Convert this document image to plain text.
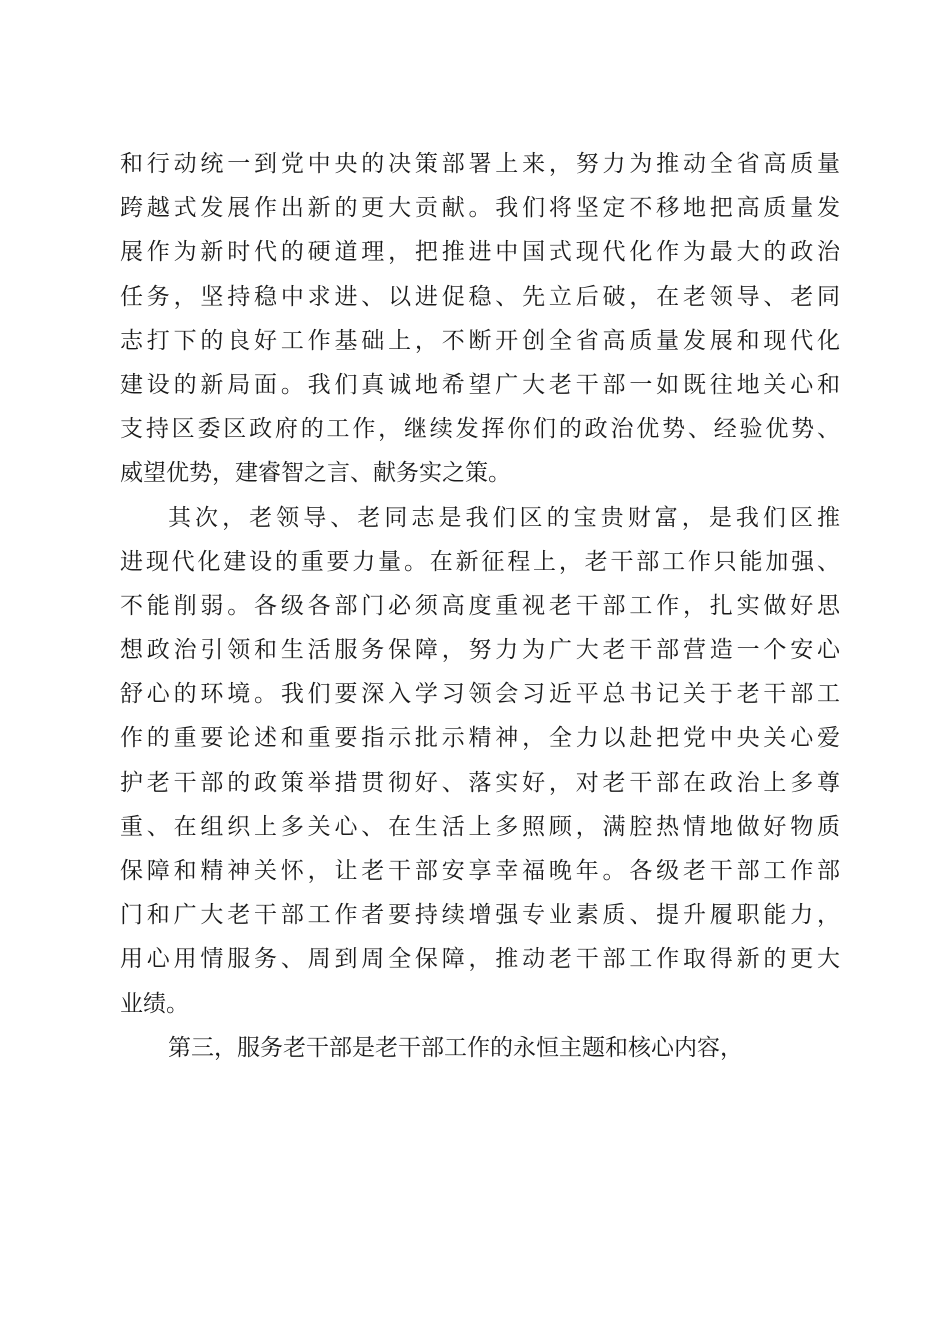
和行动统一到党中央的决策部署上来，努力为推动全省高质量
跨越式发展作出新的更大贡献。我们将坚定不移地把高质量发
展作为新时代的硬道理，把推进中国式现代化作为最大的政治
任务，坚持稳中求进、以进促稳、先立后破，在老领导、老同
志打下的良好工作基础上，不断开创全省高质量发展和现代化
建设的新局面。我们真诚地希望广大老干部一如既往地关心和
支持区委区政府的工作，继续发挥你们的政治优势、经验优势、
威望优势，建睿智之言、献务实之策。
其次，老领导、老同志是我们区的宝贵财富，是我们区推
进现代化建设的重要力量。在新征程上，老干部工作只能加强、
不能削弱。各级各部门必须高度重视老干部工作，扎实做好思
想政治引领和生活服务保障，努力为广大老干部营造一个安心
舒心的环境。我们要深入学习领会习近平总书记关于老干部工
作的重要论述和重要指示批示精神，全力以赴把党中央关心爱
护老干部的政策举措贯彻好、落实好，对老干部在政治上多尊
重、在组织上多关心、在生活上多照顾，满腔热情地做好物质
保障和精神关怀，让老干部安享幸福晚年。各级老干部工作部
门和广大老干部工作者要持续增强专业素质、提升履职能力，
用心用情服务、周到周全保障，推动老干部工作取得新的更大
业绩。
第三，服务老干部是老干部工作的永恒主题和核心内容，
